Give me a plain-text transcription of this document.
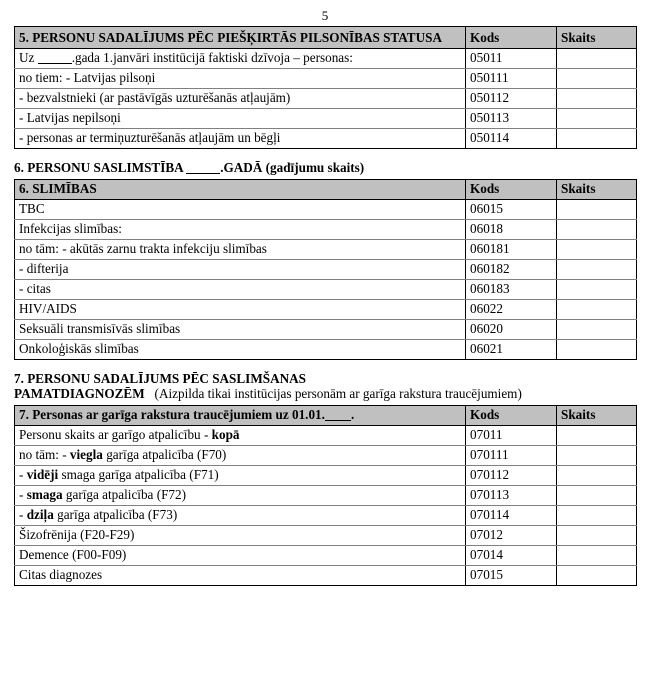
5
5. PERSONU SADALĪJUMS PĒC PIEŠĶIRTĀS PILSONĪBAS STATUSA	Kods	Skaits
Uz .gada 1.janvāri institūcijā faktiski dzīvoja – personas:	05011	
no tiem: - Latvijas pilsoņi	050111	
- bezvalstnieki (ar pastāvīgās uzturēšanās atļaujām)	050112	
- Latvijas nepilsoņi	050113	
- personas ar termiņuzturēšanās atļaujām un bēgļi	050114	

6. PERSONU SASLIMSTĪBA	.GADĀ (gadījumu skaits)

6. SLIMĪBAS	Kods	Skaits
TBC	06015	
Infekcijas slimības:	06018	
no tām: - akūtās zarnu trakta infekciju slimības	060181	
- difterija	060182	
- citas	060183	
HIV/AIDS	06022	
Seksuāli transmisīvās slimības	06020	
Onkoloģiskās slimības	06021	

7. PERSONU SADALĪJUMS PĒC SASLIMŠANAS

PAMATDIAGNOZĒM (Aizpilda tikai institūcijas personām ar garīga rakstura traucējumiem)

7. Personas ar garīga rakstura traucējumiem uz 01.01. .	Kods	Skaits
Personu skaits ar garīgo atpalicību - kopā	07011	
no tām: - viegla garīga atpalicība (F70)	070111	
- vidēji smaga garīga atpalicība (F71)	070112	
- smaga garīga atpalicība (F72)	070113	
- dziļa garīga atpalicība (F73)	070114	
Šizofrēnija (F20-F29)	07012	
Demence (F00-F09)	07014	
Citas diagnozes	07015	
